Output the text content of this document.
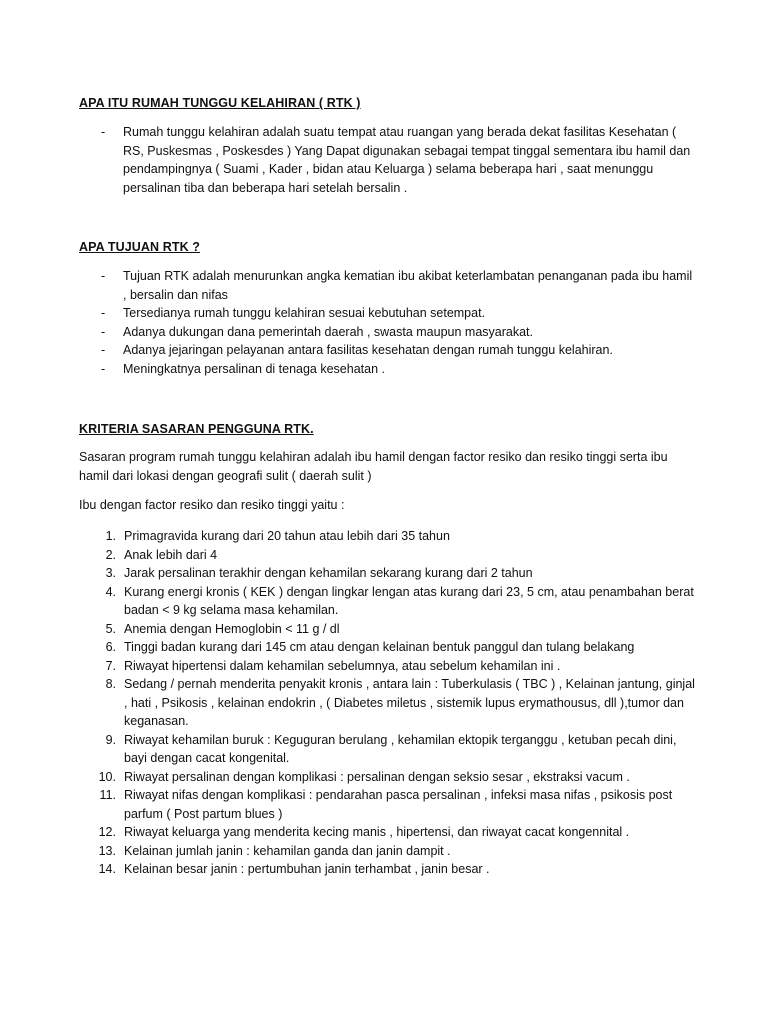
APA ITU RUMAH TUNGGU KELAHIRAN ( RTK )
- Rumah tunggu kelahiran adalah suatu tempat atau ruangan yang berada dekat fasilitas Kesehatan ( RS, Puskesmas , Poskesdes ) Yang Dapat digunakan sebagai tempat tinggal sementara ibu hamil dan pendampingnya ( Suami , Kader , bidan atau Keluarga ) selama beberapa hari , saat menunggu persalinan tiba dan beberapa hari setelah bersalin .
APA TUJUAN RTK ?
- Tujuan RTK adalah menurunkan angka kematian ibu akibat keterlambatan penanganan pada ibu hamil , bersalin dan nifas
- Tersedianya rumah tunggu kelahiran sesuai kebutuhan setempat.
- Adanya dukungan dana pemerintah daerah , swasta maupun masyarakat.
- Adanya jejaringan pelayanan antara fasilitas kesehatan dengan rumah tunggu kelahiran.
- Meningkatnya persalinan di tenaga kesehatan .
KRITERIA SASARAN PENGGUNA RTK.

Sasaran program rumah tunggu kelahiran adalah ibu hamil dengan factor resiko dan resiko tinggi serta ibu hamil dari lokasi dengan geografi sulit ( daerah sulit )

Ibu dengan factor resiko dan resiko tinggi yaitu :

1. Primagravida kurang dari 20 tahun atau lebih dari 35 tahun
2. Anak lebih dari 4
3. Jarak persalinan terakhir dengan kehamilan sekarang kurang dari 2 tahun
4. Kurang energi kronis ( KEK ) dengan lingkar lengan atas kurang dari 23, 5 cm, atau penambahan berat badan < 9 kg selama masa kehamilan.
5. Anemia dengan Hemoglobin < 11 g / dl
6. Tinggi badan kurang dari 145 cm atau dengan kelainan bentuk panggul dan tulang belakang
7. Riwayat hipertensi dalam kehamilan sebelumnya, atau sebelum kehamilan ini .
8. Sedang / pernah menderita penyakit kronis , antara lain : Tuberkulasis ( TBC ) , Kelainan jantung, ginjal , hati , Psikosis , kelainan endokrin , ( Diabetes miletus , sistemik lupus erymathousus, dll ),tumor dan keganasan.
9. Riwayat kehamilan buruk : Keguguran berulang , kehamilan ektopik terganggu , ketuban pecah dini, bayi dengan cacat kongenital.
10. Riwayat persalinan dengan komplikasi : persalinan dengan seksio sesar , ekstraksi vacum .
11. Riwayat nifas dengan komplikasi : pendarahan pasca persalinan , infeksi masa nifas , psikosis post parfum ( Post partum blues )
12. Riwayat keluarga yang menderita kecing manis , hipertensi, dan riwayat cacat kongennital .
13. Kelainan jumlah janin : kehamilan ganda dan janin dampit .
14. Kelainan besar janin : pertumbuhan janin terhambat , janin besar .
